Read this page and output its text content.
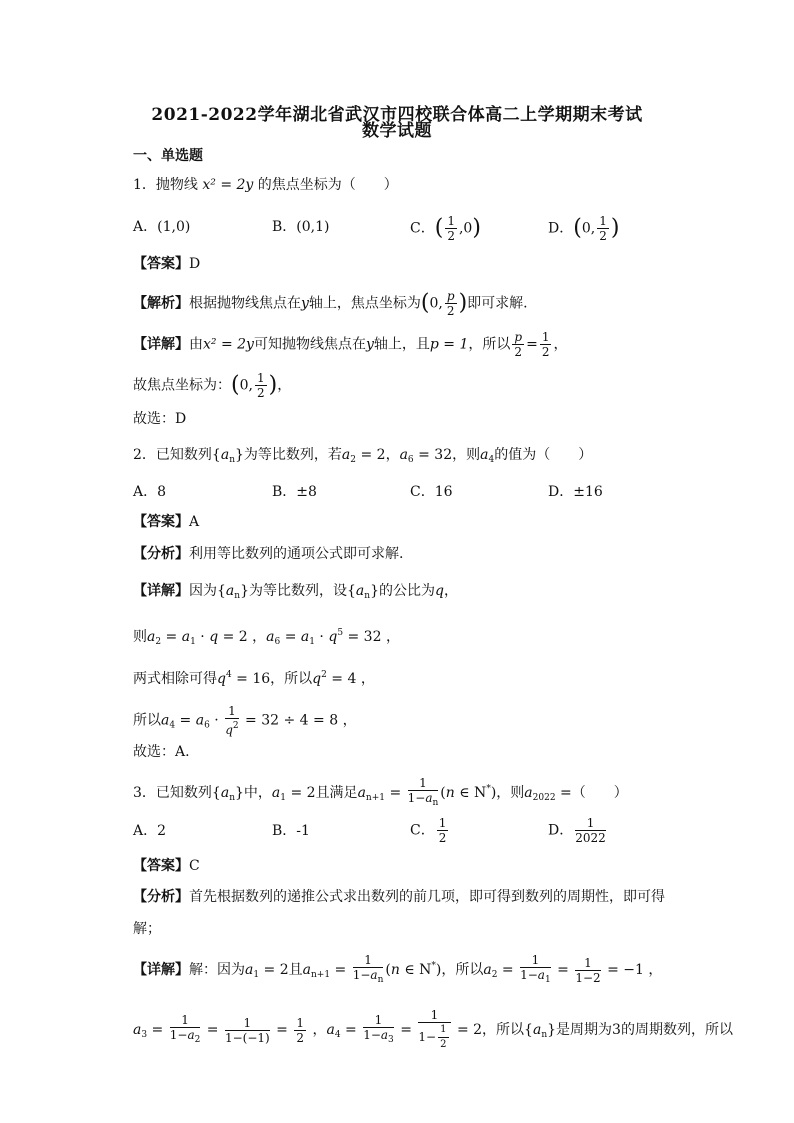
2021-2022学年湖北省武汉市四校联合体高二上学期期末考试
数学试题
一、单选题
1．抛物线 x² = 2y 的焦点坐标为（　　）
A．(1,0)	B．(0,1)	C．( $\frac{1}{2} ,0$)	D．(0, $\frac{1}{2}$ )
【答案】D
【解析】根据抛物线焦点在y轴上，焦点坐标为(0, $\frac{p}{2}$ )即可求解.
【详解】由x² = 2y可知抛物线焦点在y轴上，且p = 1，所以 $\frac{p}{2} = \frac{1}{2}$ ，
故焦点坐标为：(0, $\frac{1}{2}$ )，
故选：D
2．已知数列$\{a_n\}$为等比数列，若$a_2 = 2$，$a_6 = 32$，则$a_4$的值为（　　）
A．8	B．±8	C．16	D．±16
【答案】A
【分析】利用等比数列的通项公式即可求解.
【详解】因为$\{a_n\}$为等比数列，设$\{a_n\}$的公比为q，
则$a_2 = a_1 \cdot q = 2$ ，$a_6 = a_1 \cdot q^5 = 32$ ，
两式相除可得$q^4 = 16$，所以$q^2 = 4$ ，
所以$a_4 = a_6 \cdot \frac{1}{q^2} = 32 \div 4 = 8$ ，
故选：A.
3．已知数列$\{a_n\}$中，$a_1 = 2$且满足$a_{n+1} = \frac{1}{1-a_n} (n$ ∈ N*)，则$a_{2022}$ =（　　）
A．2	B．-1	C． $\frac{1}{2}$	D． $\frac{1}{2022}$
【答案】C
【分析】首先根据数列的递推公式求出数列的前几项，即可得到数列的周期性，即可得
解；
【详解】解：因为$a_1 = 2$且$a_{n+1} = \frac{1}{1-a_n} (n$ ∈ N*)，所以$a_2 = \frac{1}{1-a_1} = \frac{1}{1-2} = -1$ ，
$a_3 = \frac{1}{1-a_2} = \frac{1}{1-(-1)} = \frac{1}{2}$ ，$a_4 = \frac{1}{1-a_3} = \frac{1}{1- \frac{1}{2}} = 2$，所以$\{a_n\}$是周期为3的周期数列，所以
